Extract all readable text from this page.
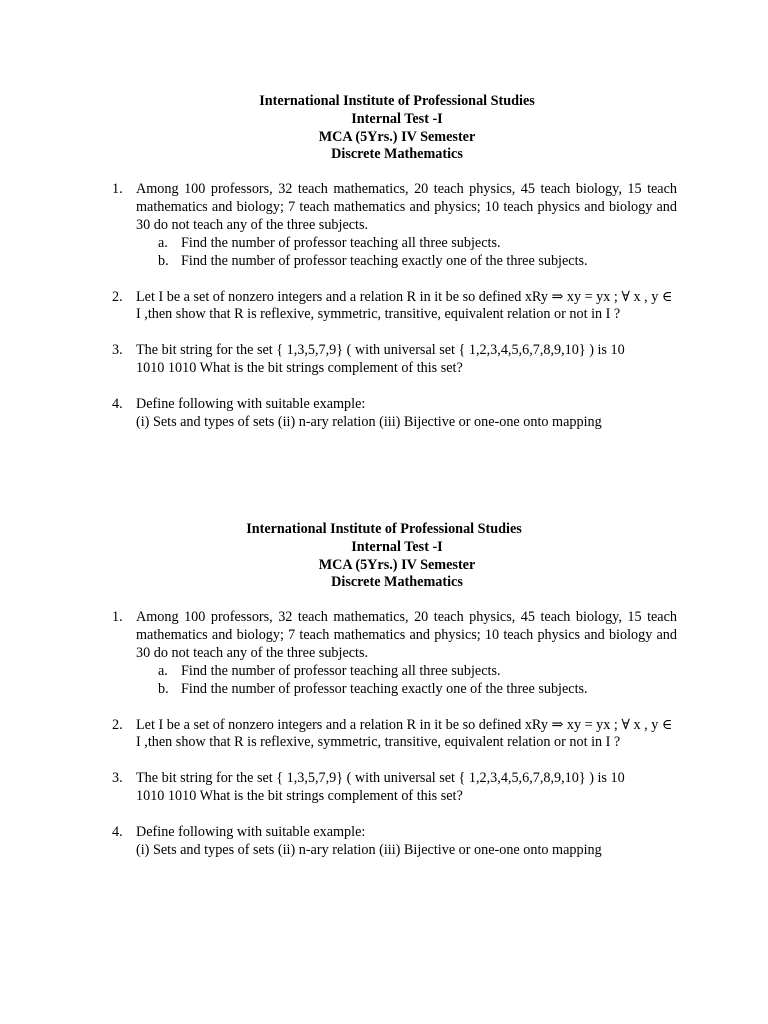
International Institute of Professional Studies
Internal Test -I
MCA (5Yrs.) IV Semester
Discrete Mathematics
1. Among 100 professors, 32 teach mathematics, 20 teach physics, 45 teach biology, 15 teach mathematics and biology; 7 teach mathematics and physics; 10 teach physics and biology and 30 do not teach any of the three subjects.
a. Find the number of professor teaching all three subjects.
b. Find the number of professor teaching exactly one of the three subjects.
2. Let I be a set of nonzero integers and a relation R in it be so defined xRy ⇒ xy = yx ; ∀ x , y ∈ I ,then show that R is reflexive, symmetric, transitive, equivalent relation or not in I ?
3. The bit string for the set { 1,3,5,7,9} ( with universal set { 1,2,3,4,5,6,7,8,9,10} ) is 10
1010 1010 What is the bit strings complement of this set?
4. Define following with suitable example:
(i) Sets and types of sets (ii) n-ary relation (iii) Bijective or one-one onto mapping
International Institute of Professional Studies
Internal Test -I
MCA (5Yrs.) IV Semester
Discrete Mathematics
1. Among 100 professors, 32 teach mathematics, 20 teach physics, 45 teach biology, 15 teach mathematics and biology; 7 teach mathematics and physics; 10 teach physics and biology and 30 do not teach any of the three subjects.
a. Find the number of professor teaching all three subjects.
b. Find the number of professor teaching exactly one of the three subjects.
2. Let I be a set of nonzero integers and a relation R in it be so defined xRy ⇒ xy = yx ; ∀ x , y ∈ I ,then show that R is reflexive, symmetric, transitive, equivalent relation or not in I ?
3. The bit string for the set { 1,3,5,7,9} ( with universal set { 1,2,3,4,5,6,7,8,9,10} ) is 10
1010 1010 What is the bit strings complement of this set?
4. Define following with suitable example:
(i) Sets and types of sets (ii) n-ary relation (iii) Bijective or one-one onto mapping
